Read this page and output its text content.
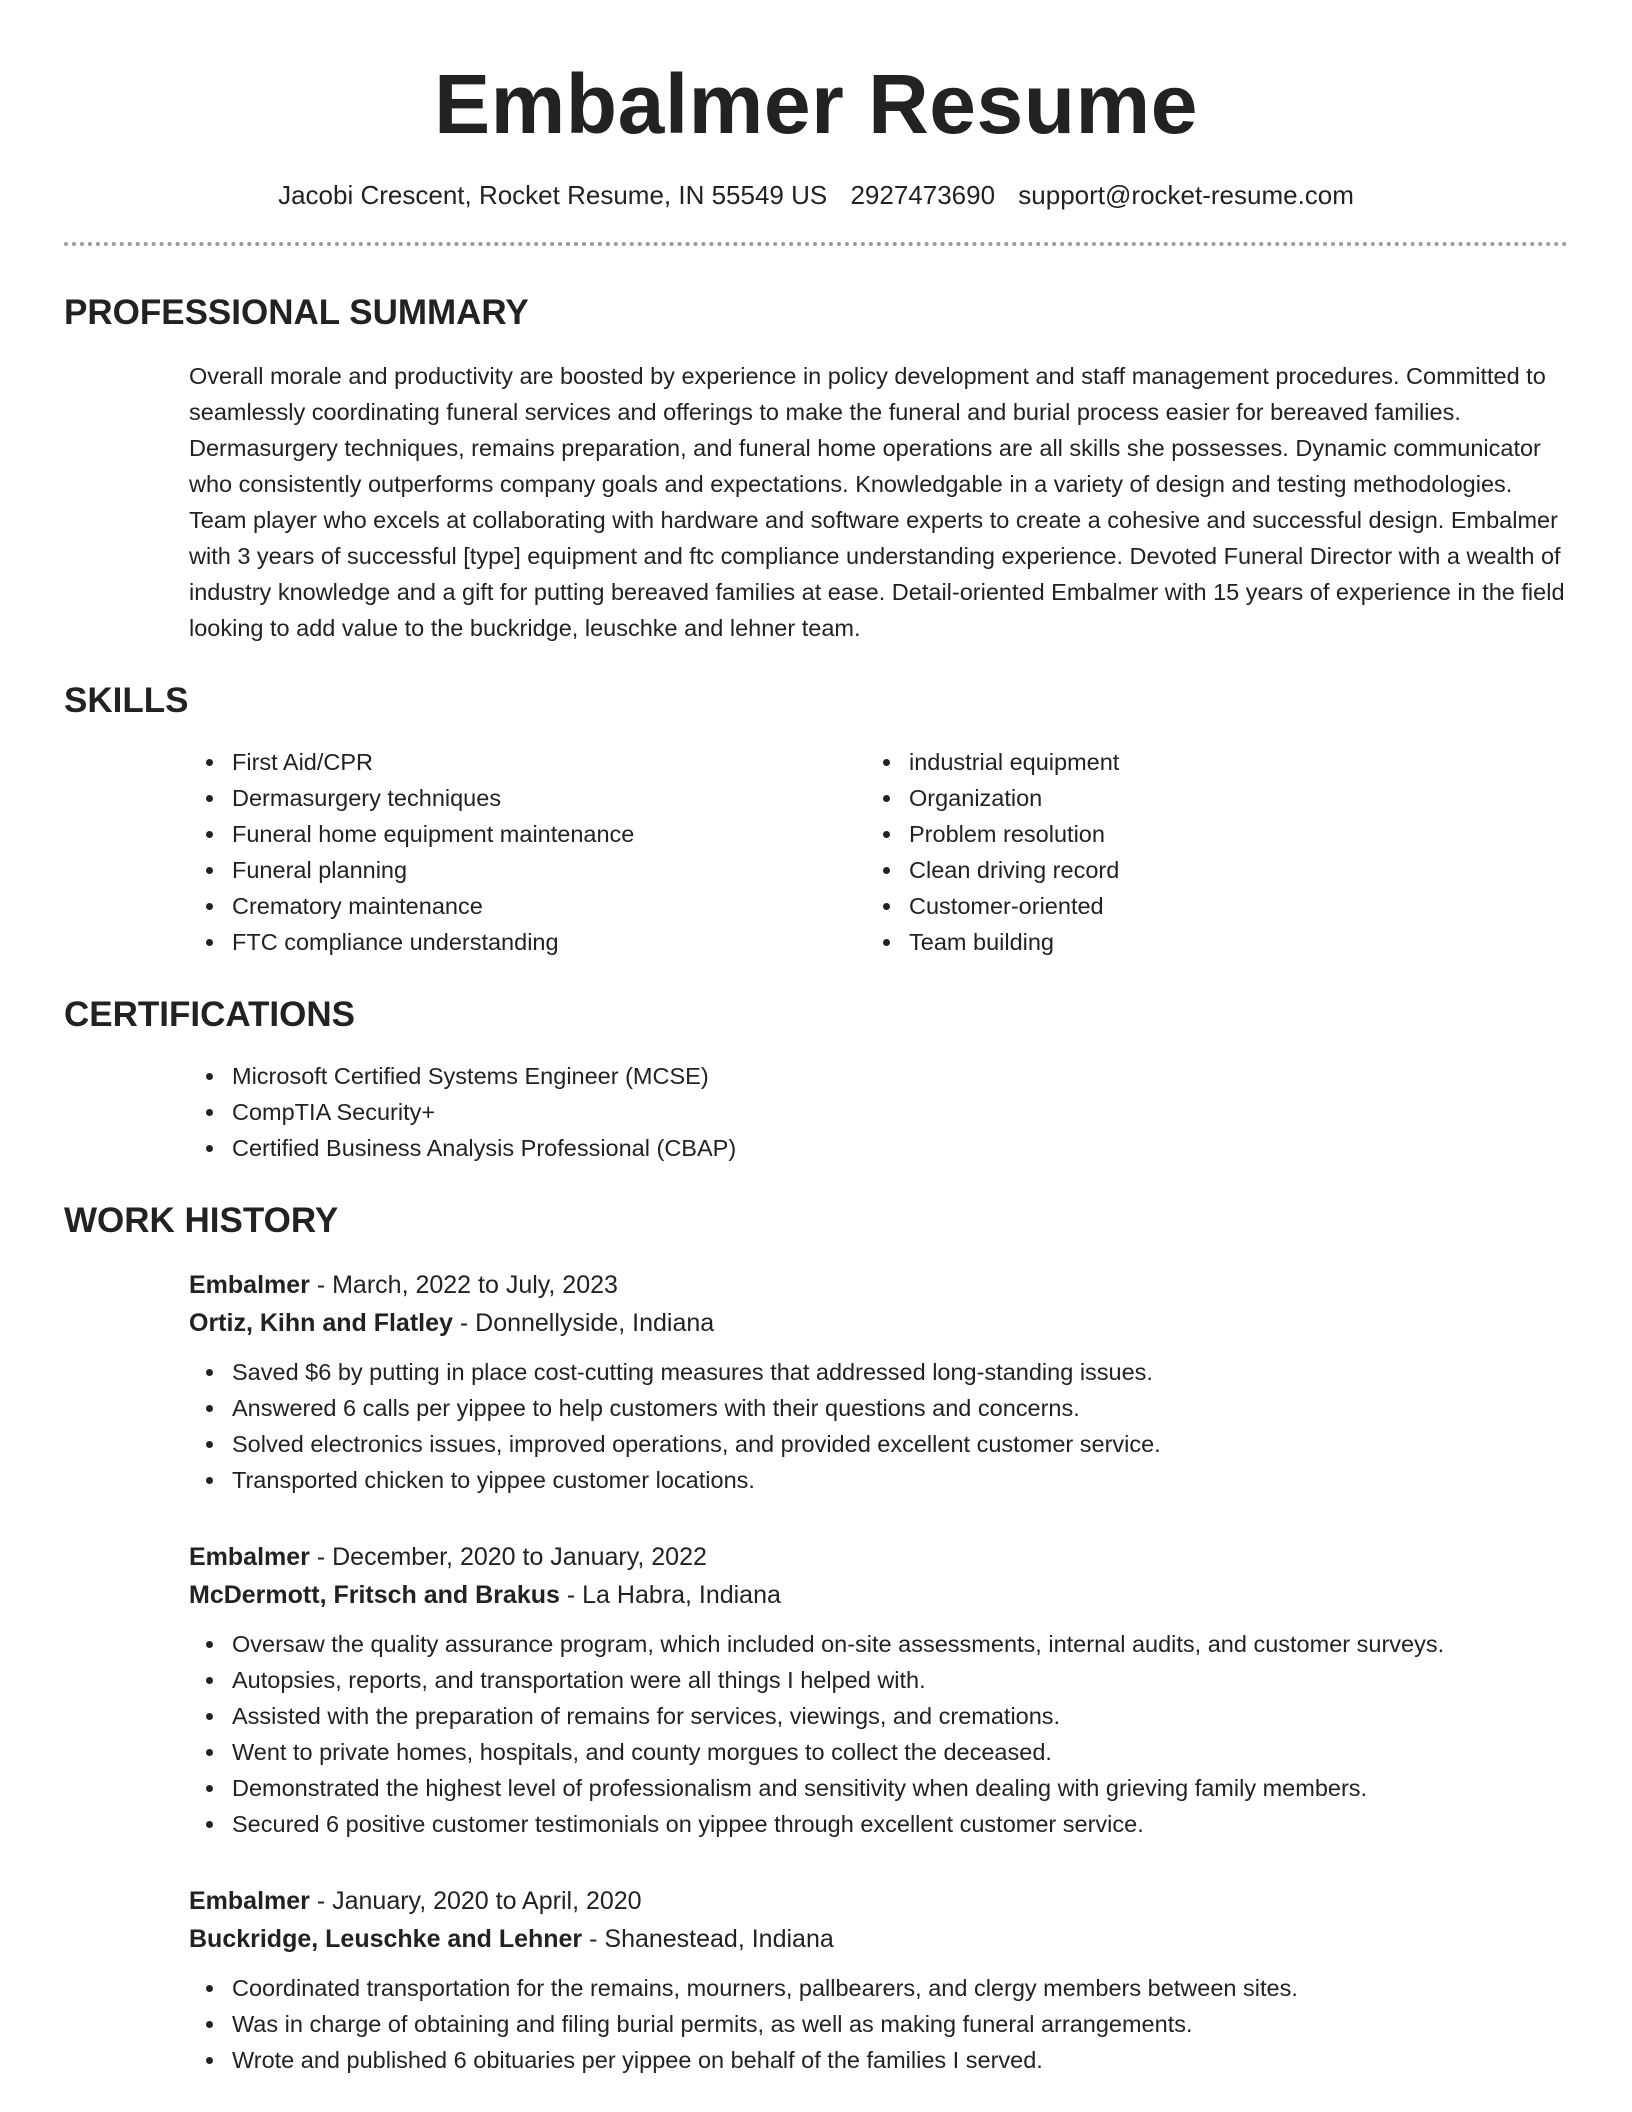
Embalmer Resume
Jacobi Crescent, Rocket Resume, IN 55549 US 2927473690 support@rocket-resume.com
PROFESSIONAL SUMMARY

Overall morale and productivity are boosted by experience in policy development and staff management procedures. Committed to seamlessly coordinating funeral services and offerings to make the funeral and burial process easier for bereaved families. Dermasurgery techniques, remains preparation, and funeral home operations are all skills she possesses. Dynamic communicator who consistently outperforms company goals and expectations. Knowledgable in a variety of design and testing methodologies. Team player who excels at collaborating with hardware and software experts to create a cohesive and successful design. Embalmer with 3 years of successful [type] equipment and ftc compliance understanding experience. Devoted Funeral Director with a wealth of industry knowledge and a gift for putting bereaved families at ease. Detail-oriented Embalmer with 15 years of experience in the field looking to add value to the buckridge, leuschke and lehner team.

SKILLS
First Aid/CPR
Dermasurgery techniques
Funeral home equipment maintenance
Funeral planning
Crematory maintenance
FTC compliance understanding
industrial equipment
Organization
Problem resolution
Clean driving record
Customer-oriented
Team building
CERTIFICATIONS
Microsoft Certified Systems Engineer (MCSE)
CompTIA Security+
Certified Business Analysis Professional (CBAP)
WORK HISTORY
Embalmer - March, 2022 to July, 2023
Ortiz, Kihn and Flatley - Donnellyside, Indiana
Saved $6 by putting in place cost-cutting measures that addressed long-standing issues.
Answered 6 calls per yippee to help customers with their questions and concerns.
Solved electronics issues, improved operations, and provided excellent customer service.
Transported chicken to yippee customer locations.
Embalmer - December, 2020 to January, 2022
McDermott, Fritsch and Brakus - La Habra, Indiana
Oversaw the quality assurance program, which included on-site assessments, internal audits, and customer surveys.
Autopsies, reports, and transportation were all things I helped with.
Assisted with the preparation of remains for services, viewings, and cremations.
Went to private homes, hospitals, and county morgues to collect the deceased.
Demonstrated the highest level of professionalism and sensitivity when dealing with grieving family members.
Secured 6 positive customer testimonials on yippee through excellent customer service.
Embalmer - January, 2020 to April, 2020
Buckridge, Leuschke and Lehner - Shanestead, Indiana
Coordinated transportation for the remains, mourners, pallbearers, and clergy members between sites.
Was in charge of obtaining and filing burial permits, as well as making funeral arrangements.
Wrote and published 6 obituaries per yippee on behalf of the families I served.
